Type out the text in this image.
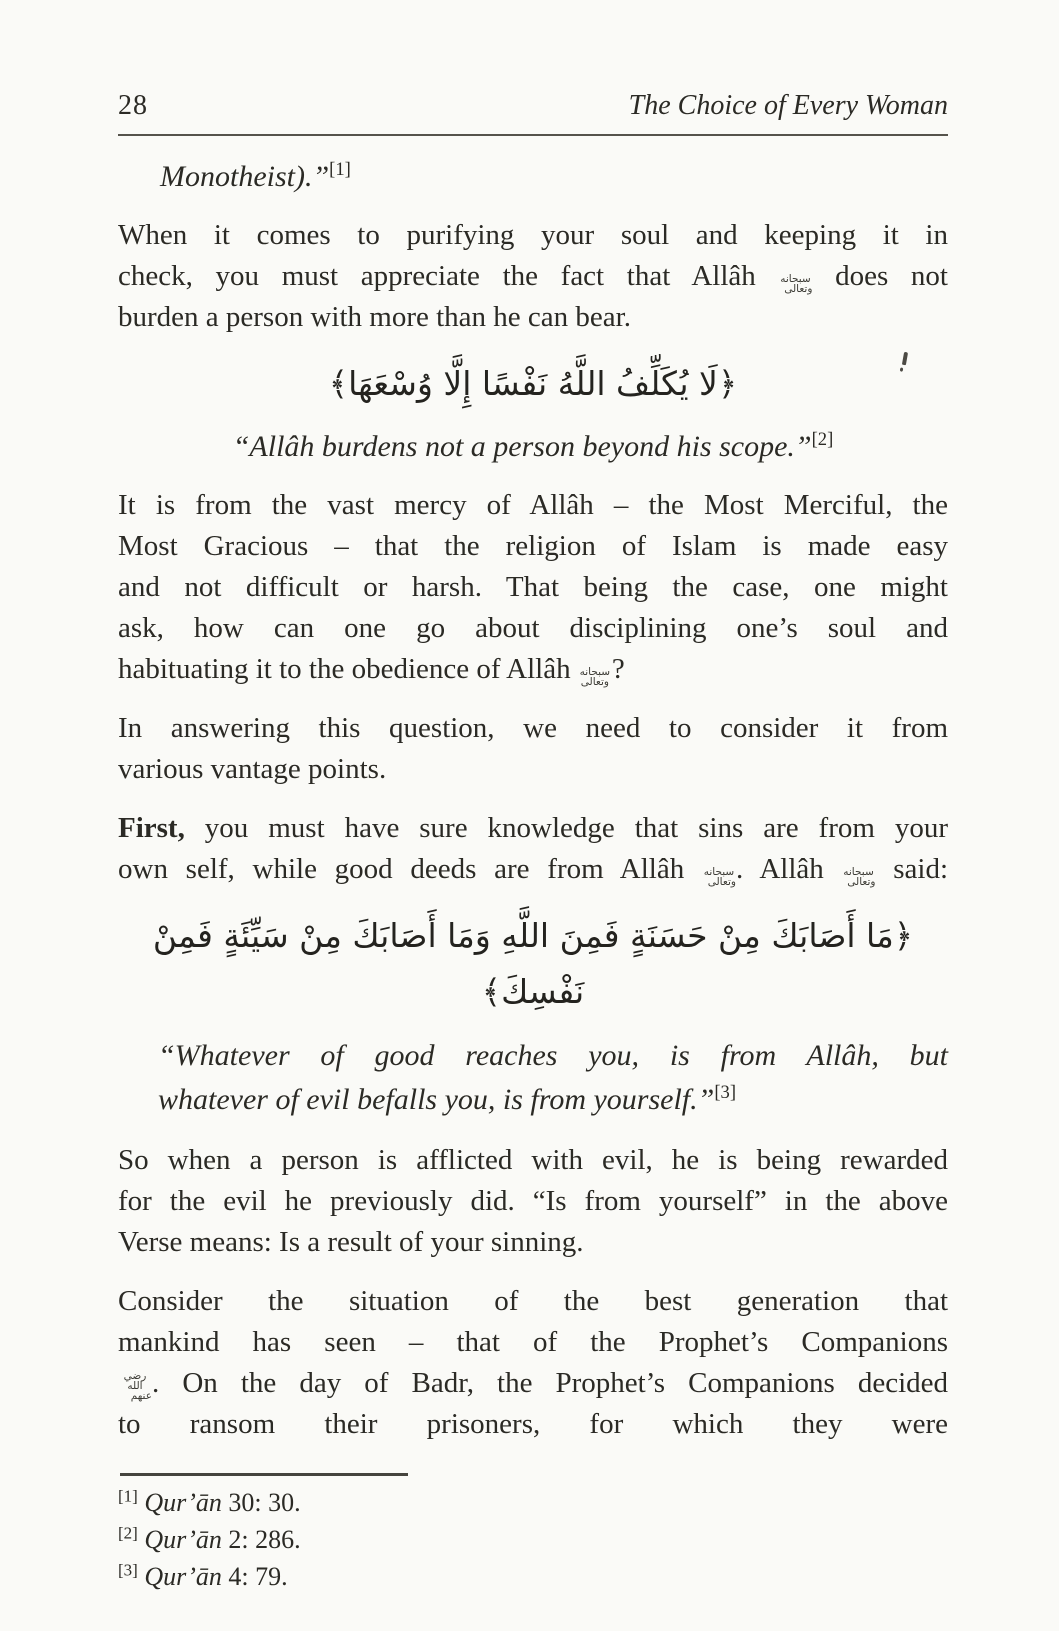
28	The Choice of Every Woman
Monotheist).”[1]
When it comes to purifying your soul and keeping it in
check, you must appreciate the fact that Allâh سبحانه وتعالى does not
burden a person with more than he can bear.
﴿لَا يُكَلِّفُ اللَّهُ نَفْسًا إِلَّا وُسْعَهَا﴾
“Allâh burdens not a person beyond his scope.”[2]
It is from the vast mercy of Allâh – the Most Merciful, the
Most Gracious – that the religion of Islam is made easy
and not difficult or harsh. That being the case, one might
ask, how can one go about disciplining one’s soul and
habituating it to the obedience of Allâh سبحانه وتعالى?
In answering this question, we need to consider it from
various vantage points.
First, you must have sure knowledge that sins are from your
own self, while good deeds are from Allâh سبحانه وتعالى. Allâh سبحانه وتعالى said:
﴿مَا أَصَابَكَ مِنْ حَسَنَةٍ فَمِنَ اللَّهِ وَمَا أَصَابَكَ مِنْ سَيِّئَةٍ فَمِنْ نَفْسِكَ﴾
“Whatever of good reaches you, is from Allâh, but
whatever of evil befalls you, is from yourself.”[3]
So when a person is afflicted with evil, he is being rewarded
for the evil he previously did. “Is from yourself” in the above
Verse means: Is a result of your sinning.
Consider the situation of the best generation that
mankind has seen – that of the Prophet’s Companions
رضي الله عنهم. On the day of Badr, the Prophet’s Companions decided
to ransom their prisoners, for which they were
[1] Qur’ān 30: 30.
[2] Qur’ān 2: 286.
[3] Qur’ān 4: 79.
